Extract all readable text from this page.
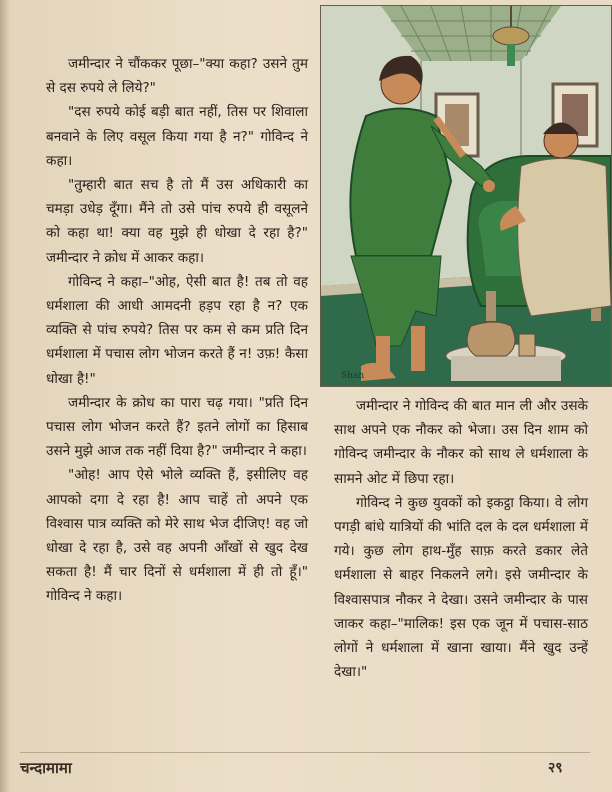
जमीन्दार ने चौंककर पूछा–"क्या कहा? उसने तुम से दस रुपये ले लिये?"

"दस रुपये कोई बड़ी बात नहीं, तिस पर शिवाला बनवाने के लिए वसूल किया गया है न?" गोविन्द ने कहा।

"तुम्हारी बात सच है तो मैं उस अधिकारी का चमड़ा उधेड़ दूँगा। मैंने तो उसे पांच रुपये ही वसूलने को कहा था! क्या वह मुझे ही धोखा दे रहा है?" जमीन्दार ने क्रोध में आकर कहा।

गोविन्द ने कहा–"ओह, ऐसी बात है! तब तो वह धर्मशाला की आधी आमदनी हड़प रहा है न? एक व्यक्ति से पांच रुपये? तिस पर कम से कम प्रति दिन धर्मशाला में पचास लोग भोजन करते हैं न! उफ़! कैसा धोखा है!"

जमीन्दार के क्रोध का पारा चढ़ गया। "प्रति दिन पचास लोग भोजन करते हैं? इतने लोगों का हिसाब उसने मुझे आज तक नहीं दिया है?" जमीन्दार ने कहा।

"ओह! आप ऐसे भोले व्यक्ति हैं, इसीलिए वह आपको दगा दे रहा है! आप चाहें तो अपने एक विश्वास पात्र व्यक्ति को मेरे साथ भेज दीजिए! वह जो धोखा दे रहा है, उसे वह अपनी आँखों से खुद देख सकता है! मैं चार दिनों से धर्मशाला में ही तो हूँ।" गोविन्द ने कहा।

Shan

जमीन्दार ने गोविन्द की बात मान ली और उसके साथ अपने एक नौकर को भेजा। उस दिन शाम को गोविन्द जमीन्दार के नौकर को साथ ले धर्मशाला के सामने ओट में छिपा रहा।

गोविन्द ने कुछ युवकों को इकट्ठा किया। वे लोग पगड़ी बांधे यात्रियों की भांति दल के दल धर्मशाला में गये। कुछ लोग हाथ-मुँह साफ़ करते डकार लेते धर्मशाला से बाहर निकलने लगे। इसे जमीन्दार के विश्वासपात्र नौकर ने देखा। उसने जमीन्दार के पास जाकर कहा–"मालिक! इस एक जून में पचास-साठ लोगों ने धर्मशाला में खाना खाया। मैंने खुद उन्हें देखा।"

चन्दामामा	२९
